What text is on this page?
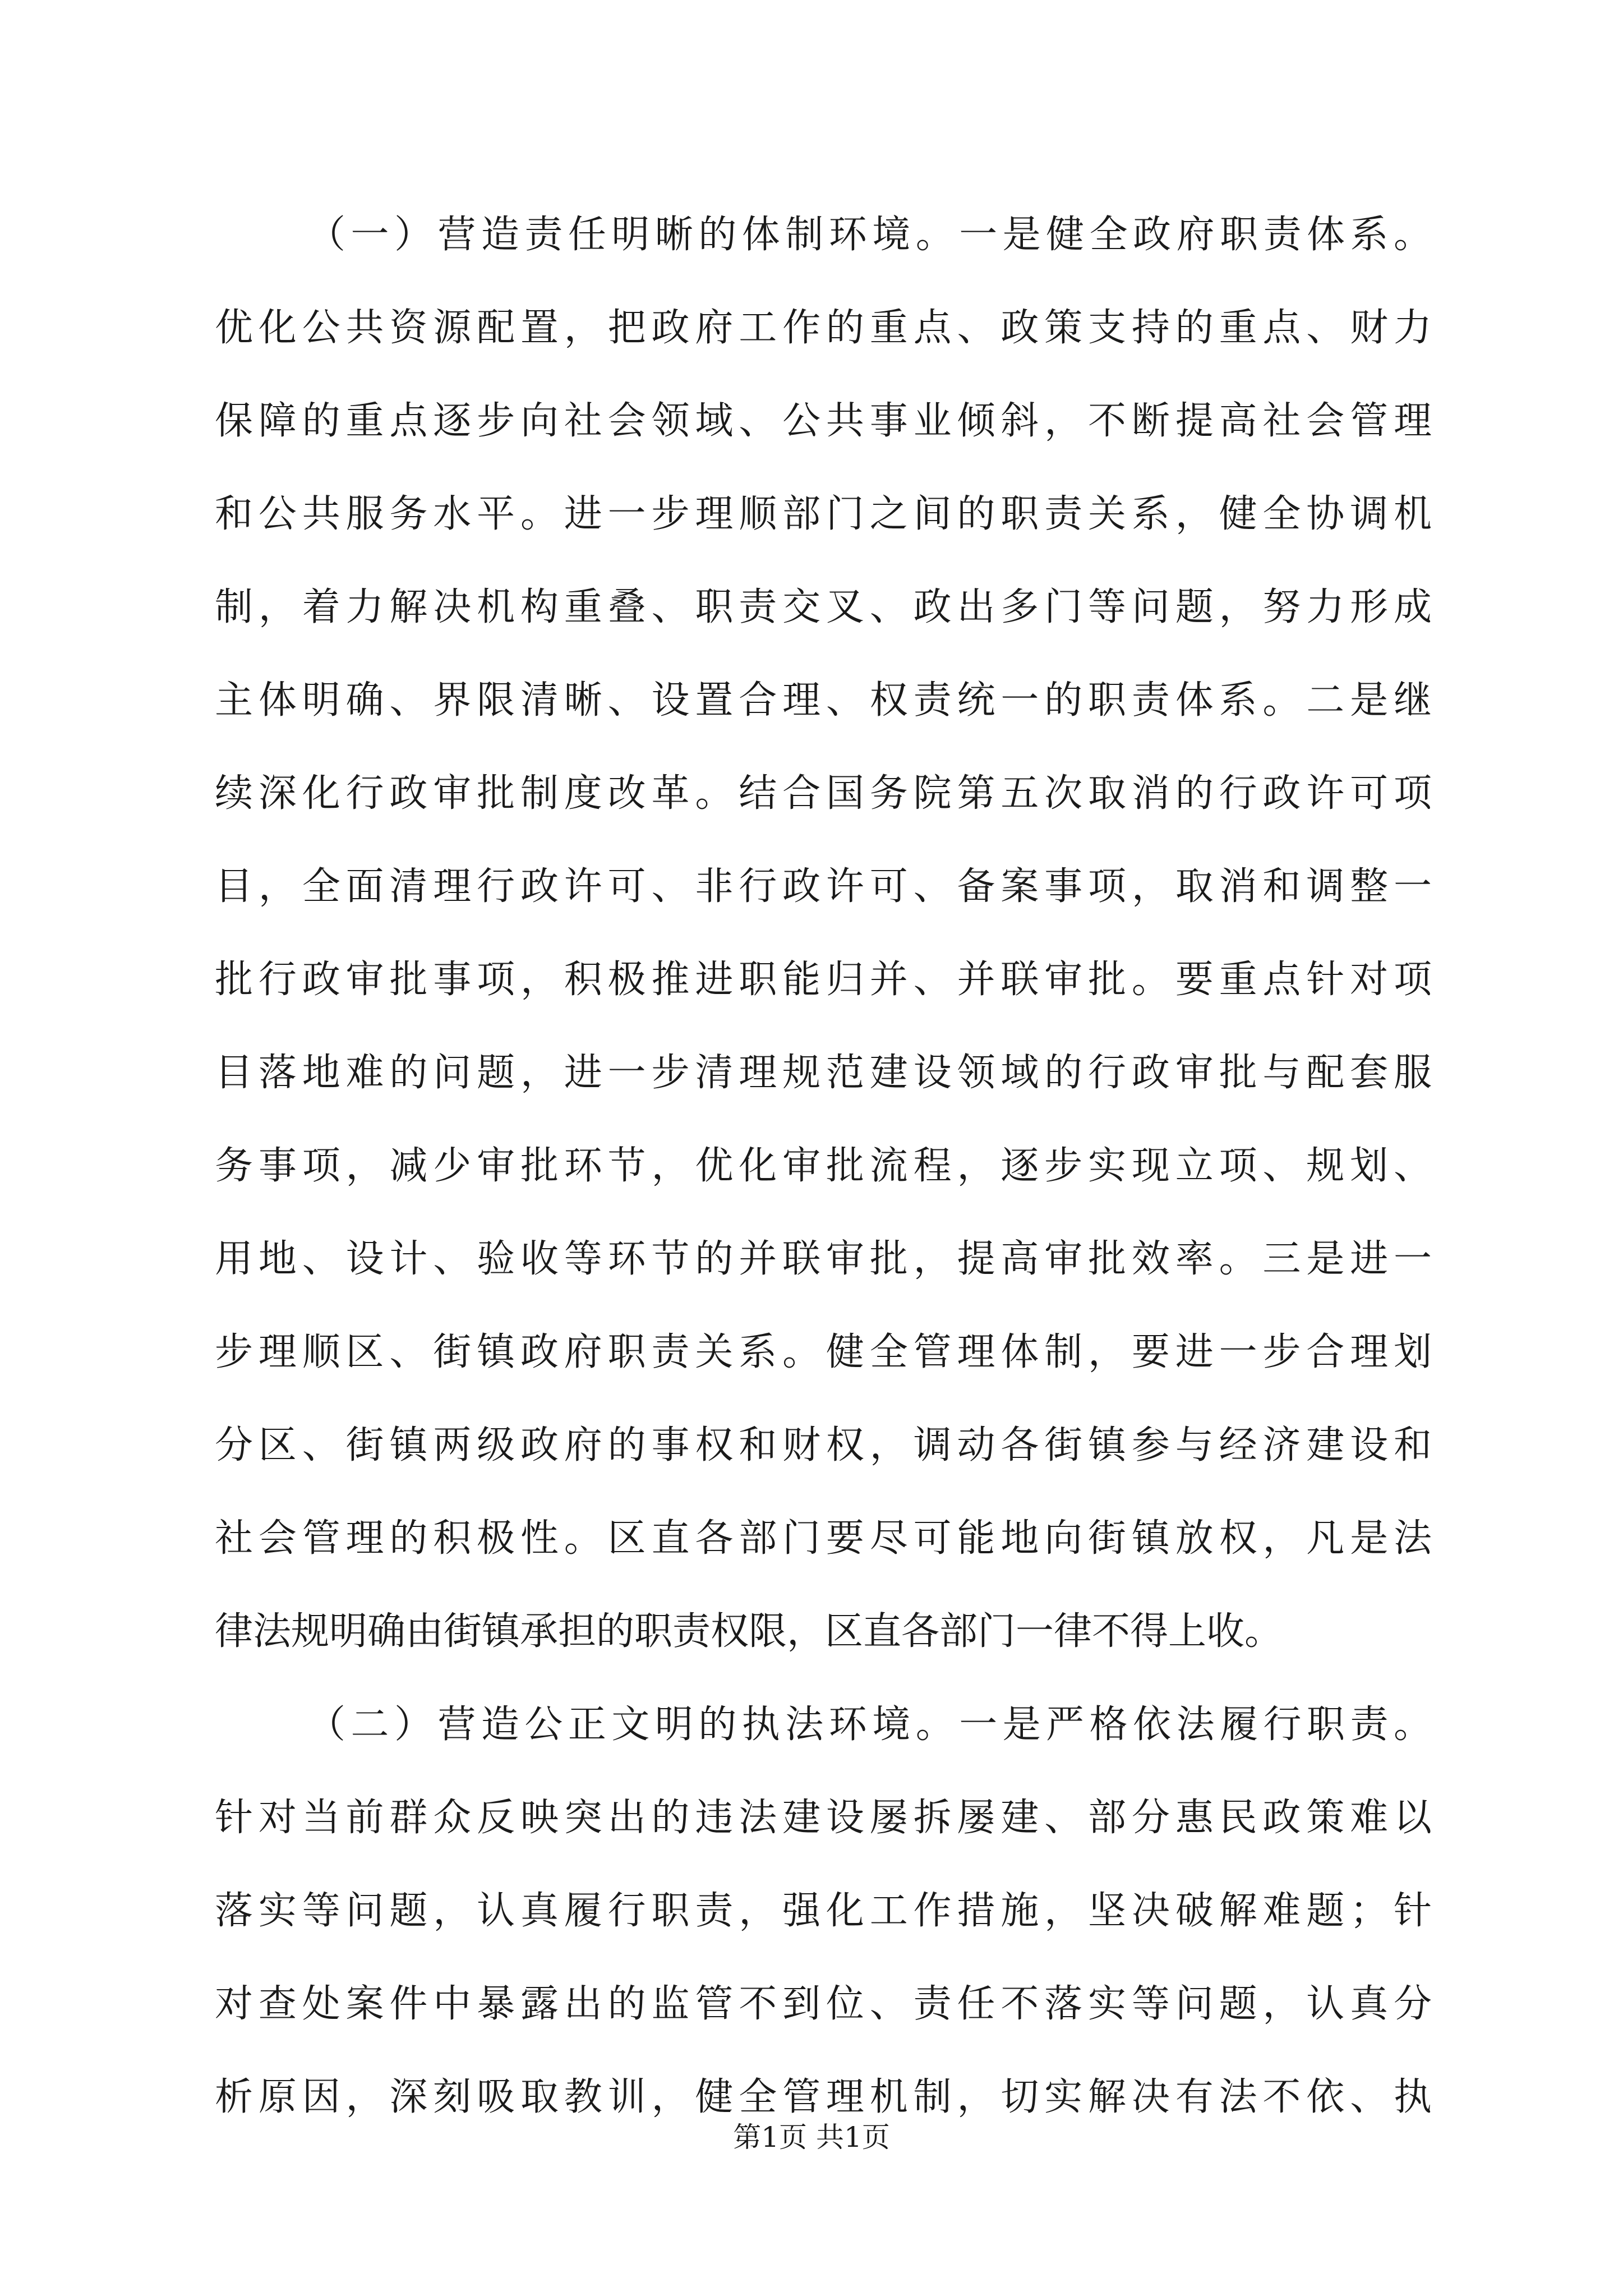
（一）营造责任明晰的体制环境。一是健全政府职责体系。
优化公共资源配置，把政府工作的重点、政策支持的重点、财力
保障的重点逐步向社会领域、公共事业倾斜，不断提高社会管理
和公共服务水平。进一步理顺部门之间的职责关系，健全协调机
制，着力解决机构重叠、职责交叉、政出多门等问题，努力形成
主体明确、界限清晰、设置合理、权责统一的职责体系。二是继
续深化行政审批制度改革。结合国务院第五次取消的行政许可项
目，全面清理行政许可、非行政许可、备案事项，取消和调整一
批行政审批事项，积极推进职能归并、并联审批。要重点针对项
目落地难的问题，进一步清理规范建设领域的行政审批与配套服
务事项，减少审批环节，优化审批流程，逐步实现立项、规划、
用地、设计、验收等环节的并联审批，提高审批效率。三是进一
步理顺区、街镇政府职责关系。健全管理体制，要进一步合理划
分区、街镇两级政府的事权和财权，调动各街镇参与经济建设和
社会管理的积极性。区直各部门要尽可能地向街镇放权，凡是法
律法规明确由街镇承担的职责权限，区直各部门一律不得上收。
（二）营造公正文明的执法环境。一是严格依法履行职责。
针对当前群众反映突出的违法建设屡拆屡建、部分惠民政策难以
落实等问题，认真履行职责，强化工作措施，坚决破解难题；针
对查处案件中暴露出的监管不到位、责任不落实等问题，认真分
析原因，深刻吸取教训，健全管理机制，切实解决有法不依、执
第1页 共1页
